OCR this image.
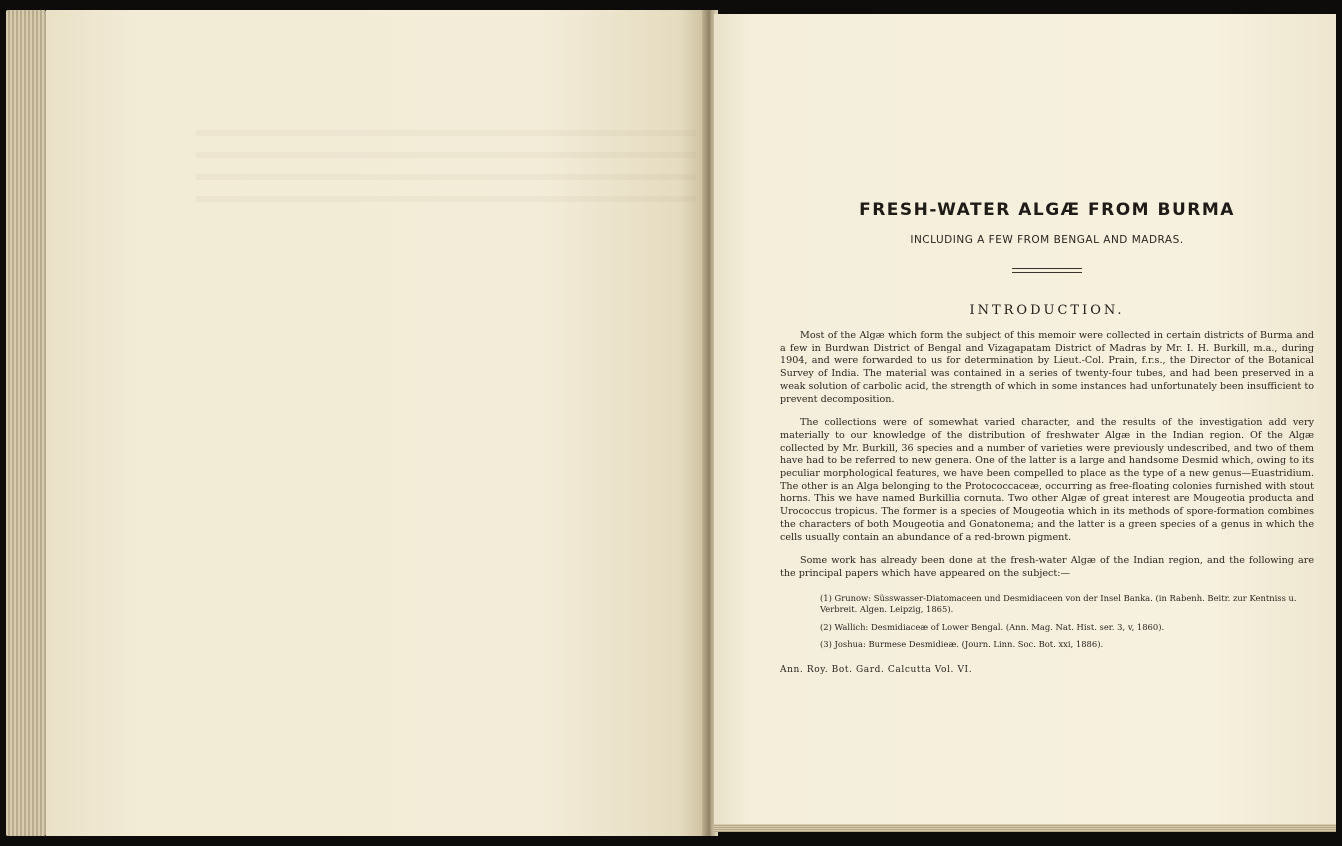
FRESH-WATER ALGÆ FROM BURMA
INCLUDING A FEW FROM BENGAL AND MADRAS.
INTRODUCTION.

Most of the Algæ which form the subject of this memoir were collected in certain districts of Burma and a few in Burdwan District of Bengal and Vizagapatam District of Madras by Mr. I. H. Burkill, m.a., during 1904, and were forwarded to us for determination by Lieut.-Col. Prain, f.r.s., the Director of the Botanical Survey of India. The material was contained in a series of twenty-four tubes, and had been preserved in a weak solution of carbolic acid, the strength of which in some instances had unfortunately been insufficient to prevent decomposition.

The collections were of somewhat varied character, and the results of the investigation add very materially to our knowledge of the distribution of freshwater Algæ in the Indian region. Of the Algæ collected by Mr. Burkill, 36 species and a number of varieties were previously undescribed, and two of them have had to be referred to new genera. One of the latter is a large and handsome Desmid which, owing to its peculiar morphological features, we have been compelled to place as the type of a new genus—Euastridium. The other is an Alga belonging to the Protococcaceæ, occurring as free-floating colonies furnished with stout horns. This we have named Burkillia cornuta. Two other Algæ of great interest are Mougeotia producta and Urococcus tropicus. The former is a species of Mougeotia which in its methods of spore-formation combines the characters of both Mougeotia and Gonatonema; and the latter is a green species of a genus in which the cells usually contain an abundance of a red-brown pigment.

Some work has already been done at the fresh-water Algæ of the Indian region, and the following are the principal papers which have appeared on the subject:—

(1) Grunow: Süsswasser-Diatomaceen und Desmidiaceen von der Insel Banka. (in Rabenh. Beitr. zur Kentniss u. Verbreit. Algen. Leipzig, 1865).
(2) Wallich: Desmidiaceæ of Lower Bengal. (Ann. Mag. Nat. Hist. ser. 3, v, 1860).
(3) Joshua: Burmese Desmidieæ. (Journ. Linn. Soc. Bot. xxi, 1886).
Ann. Roy. Bot. Gard. Calcutta Vol. VI.
